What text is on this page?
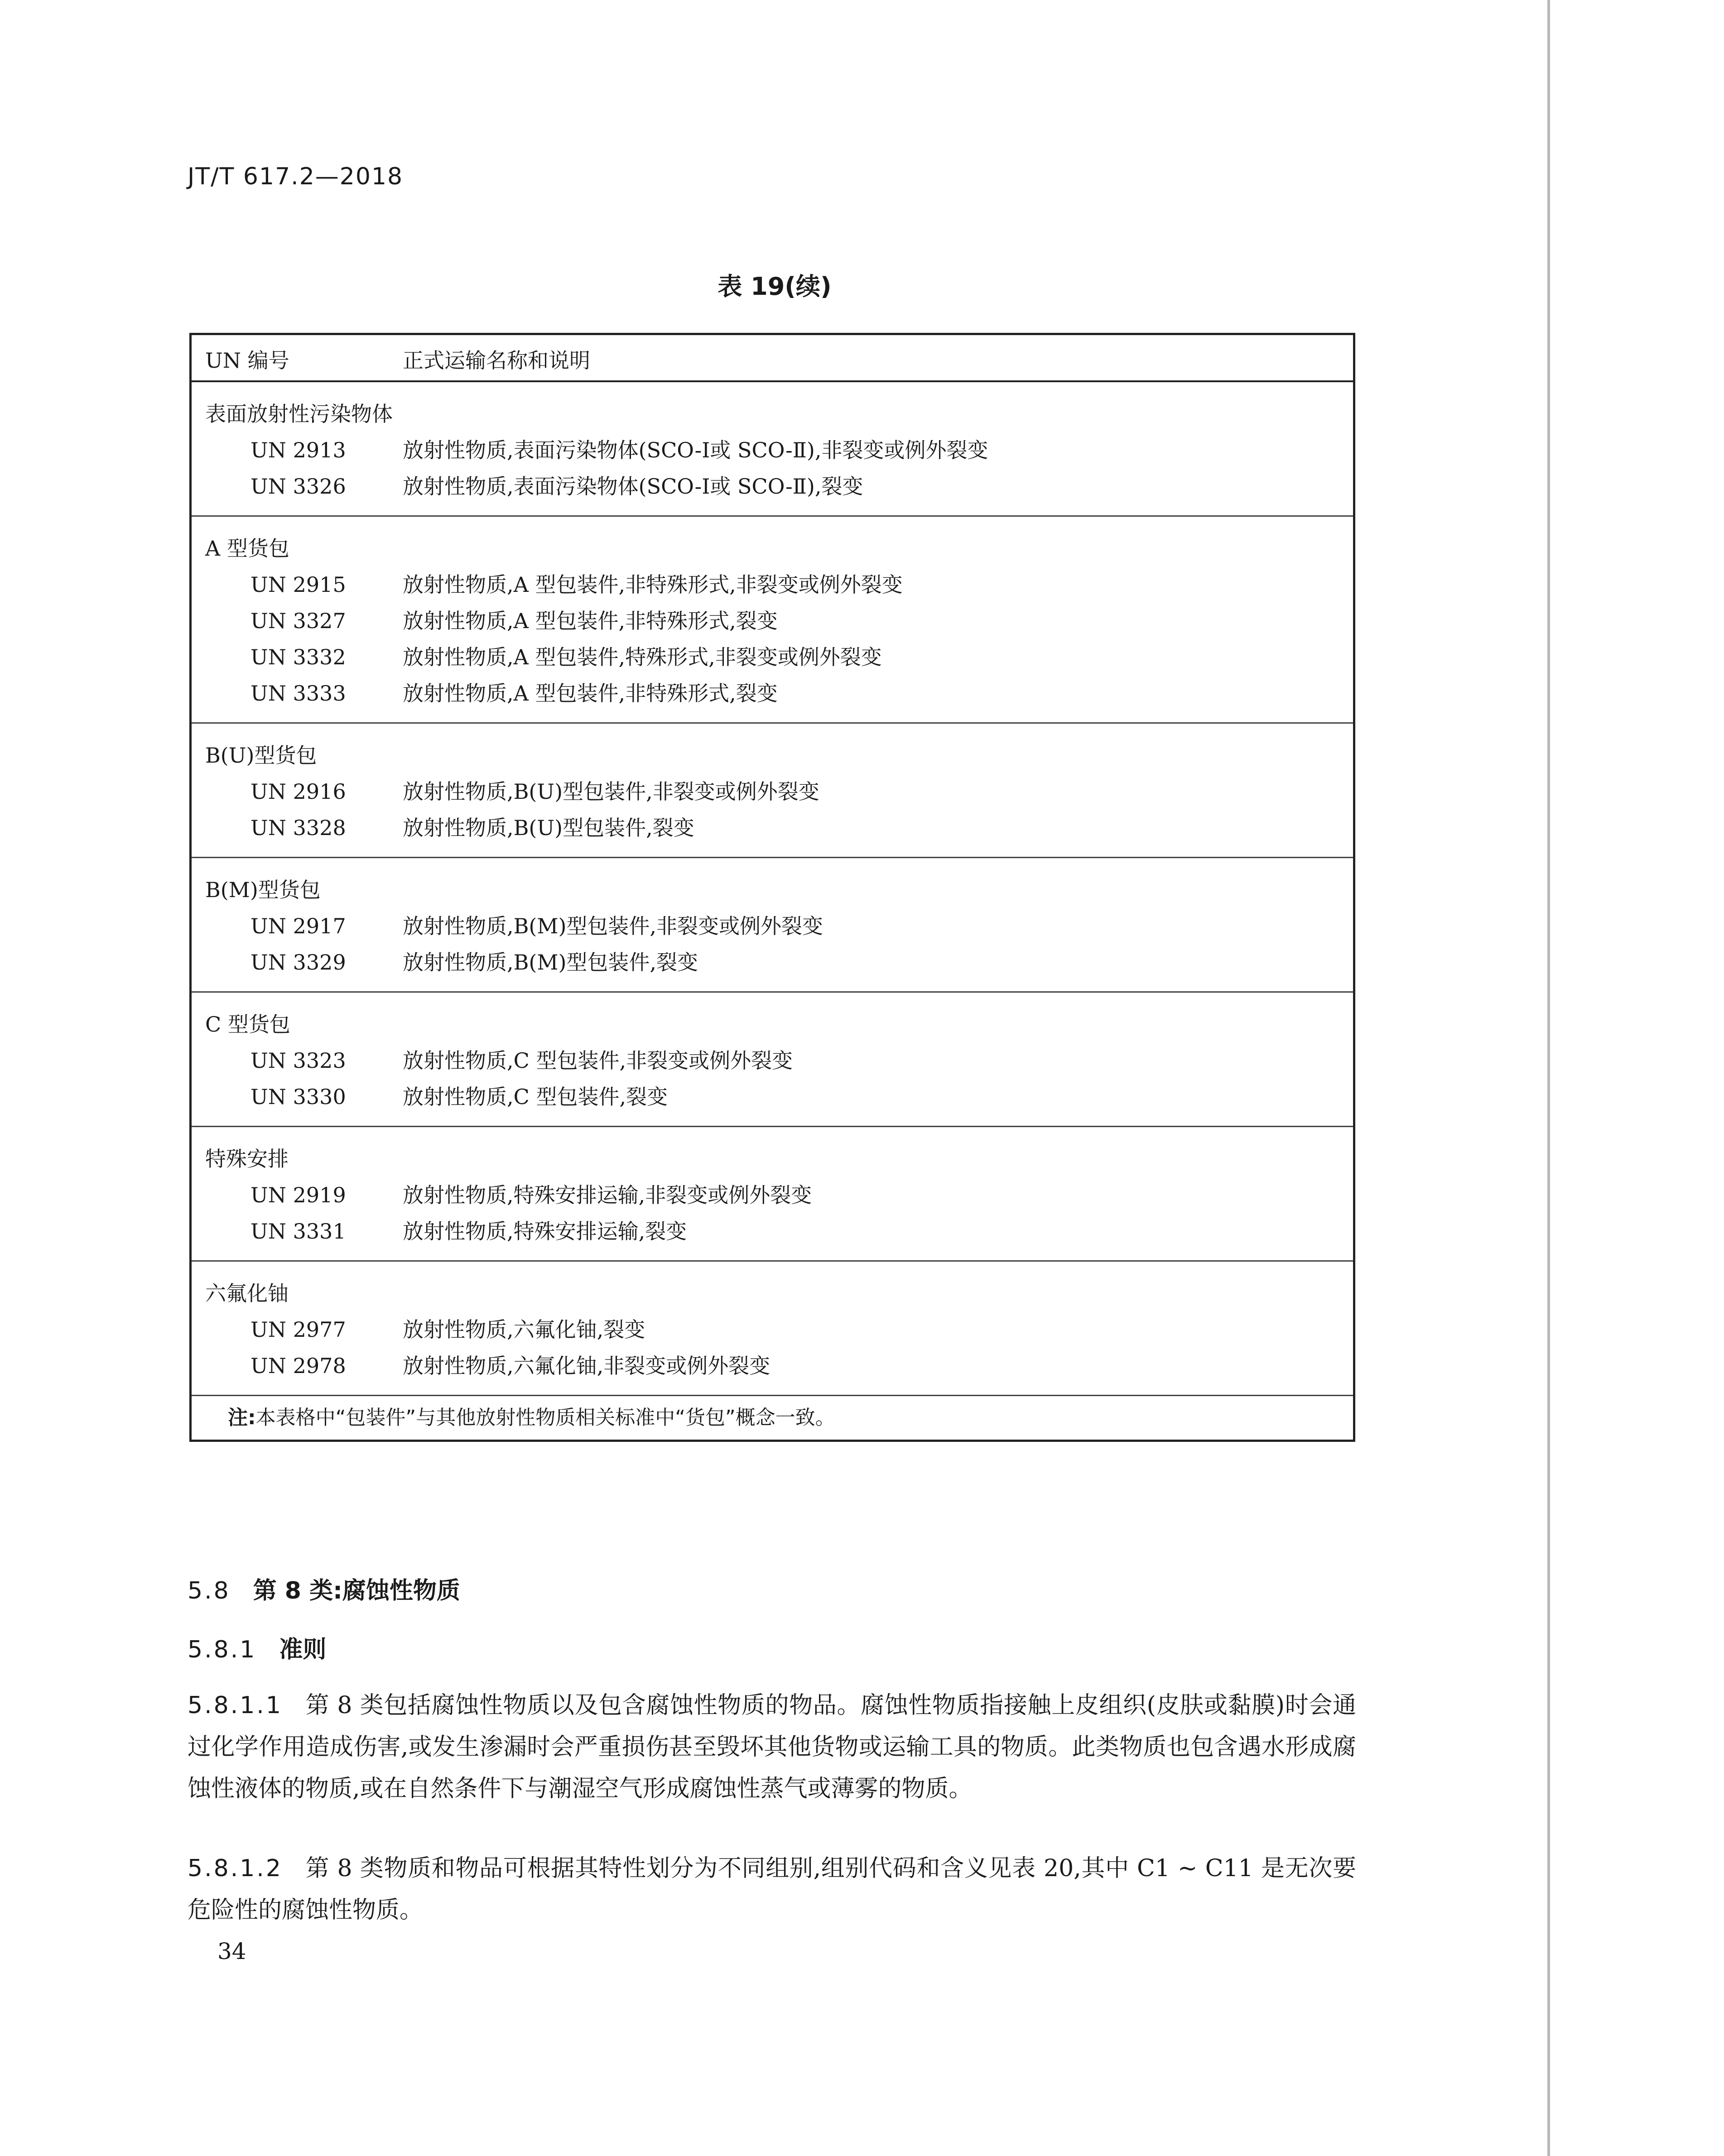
JT/T 617.2—2018
表 19(续)
UN 编号	正式运输名称和说明
表面放射性污染物体
UN 2913	放射性物质,表面污染物体(SCO-Ⅰ或 SCO-Ⅱ),非裂变或例外裂变
UN 3326	放射性物质,表面污染物体(SCO-Ⅰ或 SCO-Ⅱ),裂变
A 型货包
UN 2915	放射性物质,A 型包装件,非特殊形式,非裂变或例外裂变
UN 3327	放射性物质,A 型包装件,非特殊形式,裂变
UN 3332	放射性物质,A 型包装件,特殊形式,非裂变或例外裂变
UN 3333	放射性物质,A 型包装件,非特殊形式,裂变
B(U)型货包
UN 2916	放射性物质,B(U)型包装件,非裂变或例外裂变
UN 3328	放射性物质,B(U)型包装件,裂变
B(M)型货包
UN 2917	放射性物质,B(M)型包装件,非裂变或例外裂变
UN 3329	放射性物质,B(M)型包装件,裂变
C 型货包
UN 3323	放射性物质,C 型包装件,非裂变或例外裂变
UN 3330	放射性物质,C 型包装件,裂变
特殊安排
UN 2919	放射性物质,特殊安排运输,非裂变或例外裂变
UN 3331	放射性物质,特殊安排运输,裂变
六氟化铀
UN 2977	放射性物质,六氟化铀,裂变
UN 2978	放射性物质,六氟化铀,非裂变或例外裂变
注:本表格中“包装件”与其他放射性物质相关标准中“货包”概念一致。
5.8 第 8 类:腐蚀性物质
5.8.1 准则
5.8.1.1 第 8 类包括腐蚀性物质以及包含腐蚀性物质的物品。腐蚀性物质指接触上皮组织(皮肤或黏膜)时会通过化学作用造成伤害,或发生渗漏时会严重损伤甚至毁坏其他货物或运输工具的物质。此类物质也包含遇水形成腐蚀性液体的物质,或在自然条件下与潮湿空气形成腐蚀性蒸气或薄雾的物质。
5.8.1.2 第 8 类物质和物品可根据其特性划分为不同组别,组别代码和含义见表 20,其中 C1 ~ C11 是无次要危险性的腐蚀性物质。
34
